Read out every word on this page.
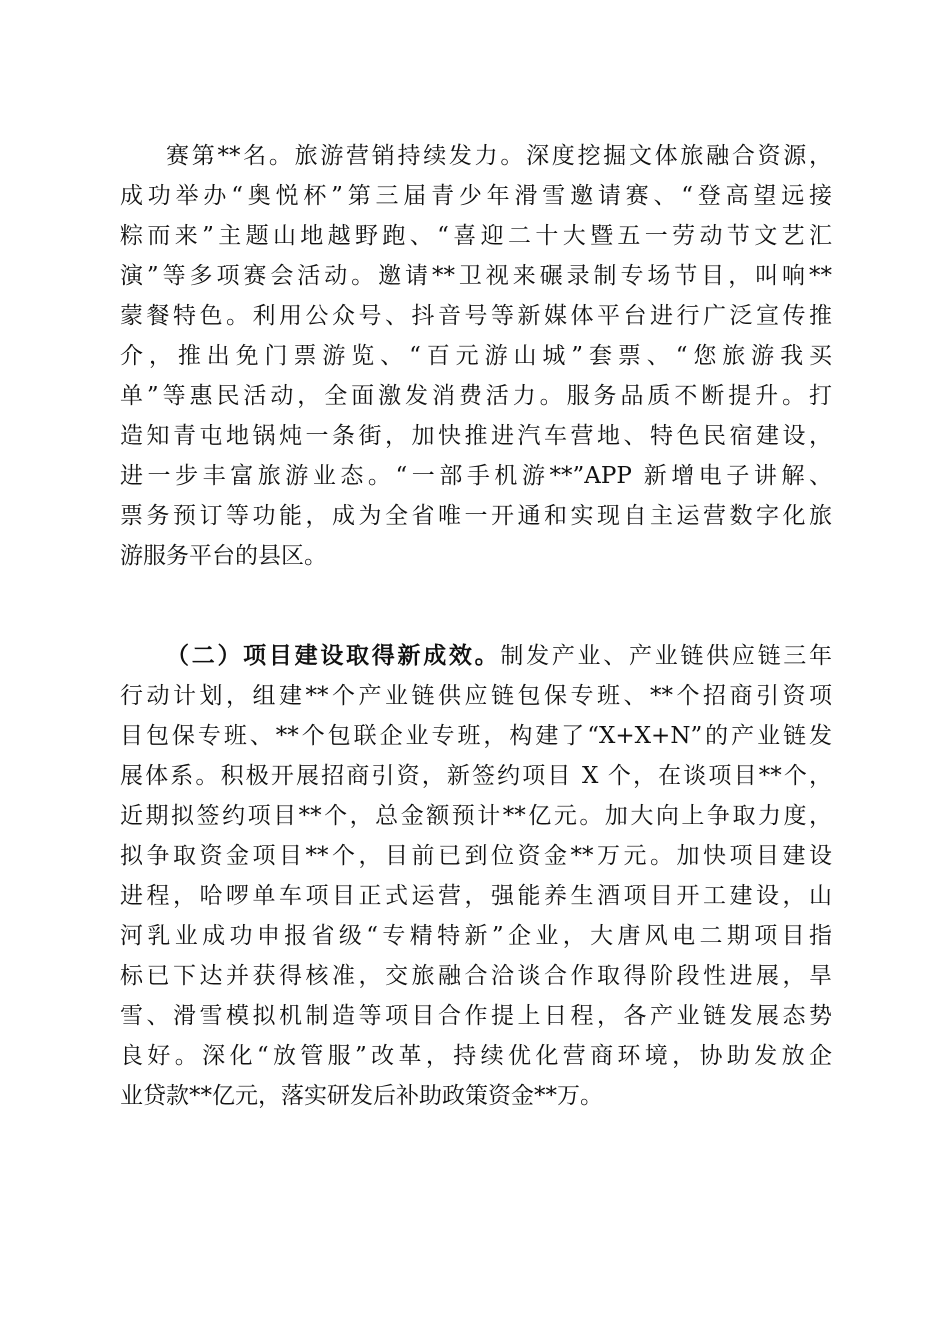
赛第**名。旅游营销持续发力。深度挖掘文体旅融合资源，
成功举办“奥悦杯”第三届青少年滑雪邀请赛、“登高望远接
粽而来”主题山地越野跑、“喜迎二十大暨五一劳动节文艺汇
演”等多项赛会活动。邀请**卫视来碾录制专场节目，叫响**
蒙餐特色。利用公众号、抖音号等新媒体平台进行广泛宣传推
介，推出免门票游览、“百元游山城”套票、“您旅游我买
单”等惠民活动，全面激发消费活力。服务品质不断提升。打
造知青屯地锅炖一条街，加快推进汽车营地、特色民宿建设，
进一步丰富旅游业态。“一部手机游**”APP 新增电子讲解、
票务预订等功能，成为全省唯一开通和实现自主运营数字化旅
游服务平台的县区。
（二）项目建设取得新成效。制发产业、产业链供应链三年
行动计划，组建**个产业链供应链包保专班、**个招商引资项
目包保专班、**个包联企业专班，构建了“X+X+N”的产业链发
展体系。积极开展招商引资，新签约项目 X 个，在谈项目**个，
近期拟签约项目**个，总金额预计**亿元。加大向上争取力度，
拟争取资金项目**个，目前已到位资金**万元。加快项目建设
进程，哈啰单车项目正式运营，强能养生酒项目开工建设，山
河乳业成功申报省级“专精特新”企业，大唐风电二期项目指
标已下达并获得核准，交旅融合洽谈合作取得阶段性进展，旱
雪、滑雪模拟机制造等项目合作提上日程，各产业链发展态势
良好。深化“放管服”改革，持续优化营商环境，协助发放企
业贷款**亿元，落实研发后补助政策资金**万。
